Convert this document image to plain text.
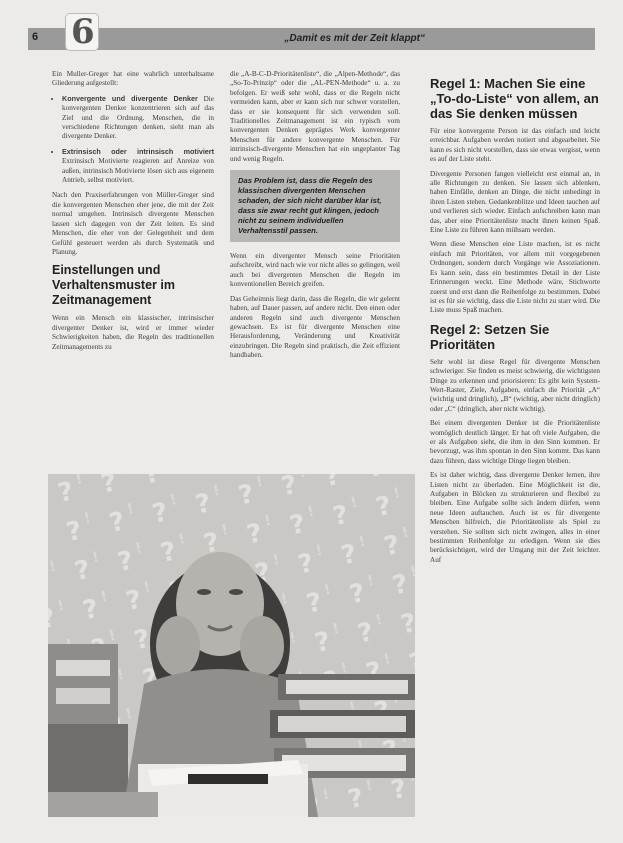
6 6	„Damit es mit der Zeit klappt“

Ein Muller-Greger hat eine wahrlich unterhaltsame Gliederung aufgestellt:

• Konvergente und divergente Denker Die konvergenten Denker konzentrieren sich auf das Ziel und die Ordnung. Menschen, die in verschiedene Richtungen denken, sieht man als divergente Denker.
• Extrinsisch oder intrinsisch motiviert Extrinsisch Motivierte reagieren auf Anreize von außen, intrinsisch Motivierte lösen sich aus eigenem Antrieb, selbst motiviert.

Nach den Praxiserfahrungen von Müller-Greger sind die konvergenten Menschen eher jene, die mit der Zeit normal umgehen. Intrinsisch divergente Menschen lassen sich dagegen von der Zeit leiten. Es sind Menschen, die eher von der Gelegenheit und dem Gefühl gesteuert werden als durch Systematik und Planung.

Einstellungen und Verhaltensmuster im Zeitmanagement

Wenn ein Mensch ein klassischer, intrinsischer divergenter Denker ist, wird er immer wieder Schwierigkeiten haben, die Regeln des traditionellen Zeitmanagements zu

die „A-B-C-D-Prioritätenliste“, die „Alpen-Methode“, das „So-To-Prinzip“ oder die „AL-PEN-Methode“ u. a. zu befolgen. Er weiß sehr wohl, dass er die Regeln nicht vermeiden kann, aber er kann sich nur schwer vorstellen, dass er sie konsequent für sich verwenden soll. Traditionelles Zeitmanagement ist ein typisch vom konvergenten Denken geprägtes Werk konvergenter Menschen für andere konvergente Menschen. Für intrinsisch-divergente Menschen hat ein ungeplanter Tag und wenig Regeln.

Das Problem ist, dass die Regeln des klassischen divergenten Menschen schaden, der sich nicht darüber klar ist, dass sie zwar recht gut klingen, jedoch nicht zu seinem individuellen Verhaltensstil passen.

Wenn ein divergenter Mensch seine Prioritäten aufschreibt, wird nach wie vor nicht alles so gelingen, weil auch bei divergenten Menschen die Regeln im konventionellen Bereich greifen.

Das Geheimnis liegt darin, dass die Regeln, die wir gelernt haben, auf Dauer passen, auf andere nicht. Den einen oder anderen Regeln sind auch divergente Menschen gewachsen. Es ist für divergente Menschen eine Herausforderung, Veränderung und Kreativität einzubringen. Die Regeln sind praktisch, die Zeit effizient handhaben.

Regel 1: Machen Sie eine „To-do-Liste“ von allem, an das Sie denken müssen

Für eine konvergente Person ist das einfach und leicht erreichbar. Aufgaben werden notiert und abgearbeitet. Sie kann es sich nicht vorstellen, dass sie etwas vergisst, wenn es auf der Liste steht.

Divergente Personen fangen vielleicht erst einmal an, in alle Richtungen zu denken. Sie lassen sich ablenken, haben Einfälle, denken an Dinge, die nicht unbedingt in ihren Listen stehen. Gedankenblitze und Ideen tauchen auf und verlieren sich wieder. Einfach aufschreiben kann man das, aber eine Prioritätenliste macht ihnen keinen Spaß. Eine Liste zu führen kann mühsam werden.

Wenn diese Menschen eine Liste machen, ist es nicht einfach mit Prioritäten, vor allem mit vorgegebenen Ordnungen, sondern durch Vorgänge wie Assoziationen. Es kann sein, dass ein bestimmtes Detail in der Liste Erinnerungen weckt. Eine Methode wäre, Stichworte zuerst und erst dann die Reihenfolge zu bestimmen. Dabei ist es für sie wichtig, dass die Liste nicht zu starr wird. Die Liste muss Spaß machen.

Regel 2: Setzen Sie Prioritäten

Sehr wohl ist diese Regel für divergente Menschen schwieriger. Sie finden es meist schwierig, die wichtigsten Dinge zu erkennen und priorisieren: Es gibt kein System-Wert-Raster, Ziele, Aufgaben, einfach die Priorität „A“ (wichtig und dringlich), „B“ (wichtig, aber nicht dringlich) oder „C“ (dringlich, aber nicht wichtig).

Bei einem divergenten Denker ist die Prioritätenliste womöglich deutlich länger. Er hat oft viele Aufgaben, die er als Aufgaben sieht, die ihm in den Sinn kommen. Er bevorzugt, was ihm spontan in den Sinn kommt. Das kann dazu führen, dass wichtige Dinge liegen bleiben.

Es ist daher wichtig, dass divergente Denker lernen, ihre Listen nicht zu überladen. Eine Möglichkeit ist die, Aufgaben in Blöcken zu strukturieren und flexibel zu bleiben. Eine Aufgabe sollte sich ändern dürfen, wenn neue Ideen auftauchen. Auch ist es für divergente Menschen hilfreich, die Prioritätenliste als Spiel zu verstehen. Sie sollten sich nicht zwingen, alles in einer bestimmten Reihenfolge zu erledigen. Wenn sie dies berücksichtigen, wird der Umgang mit der Zeit leichter. Auf
